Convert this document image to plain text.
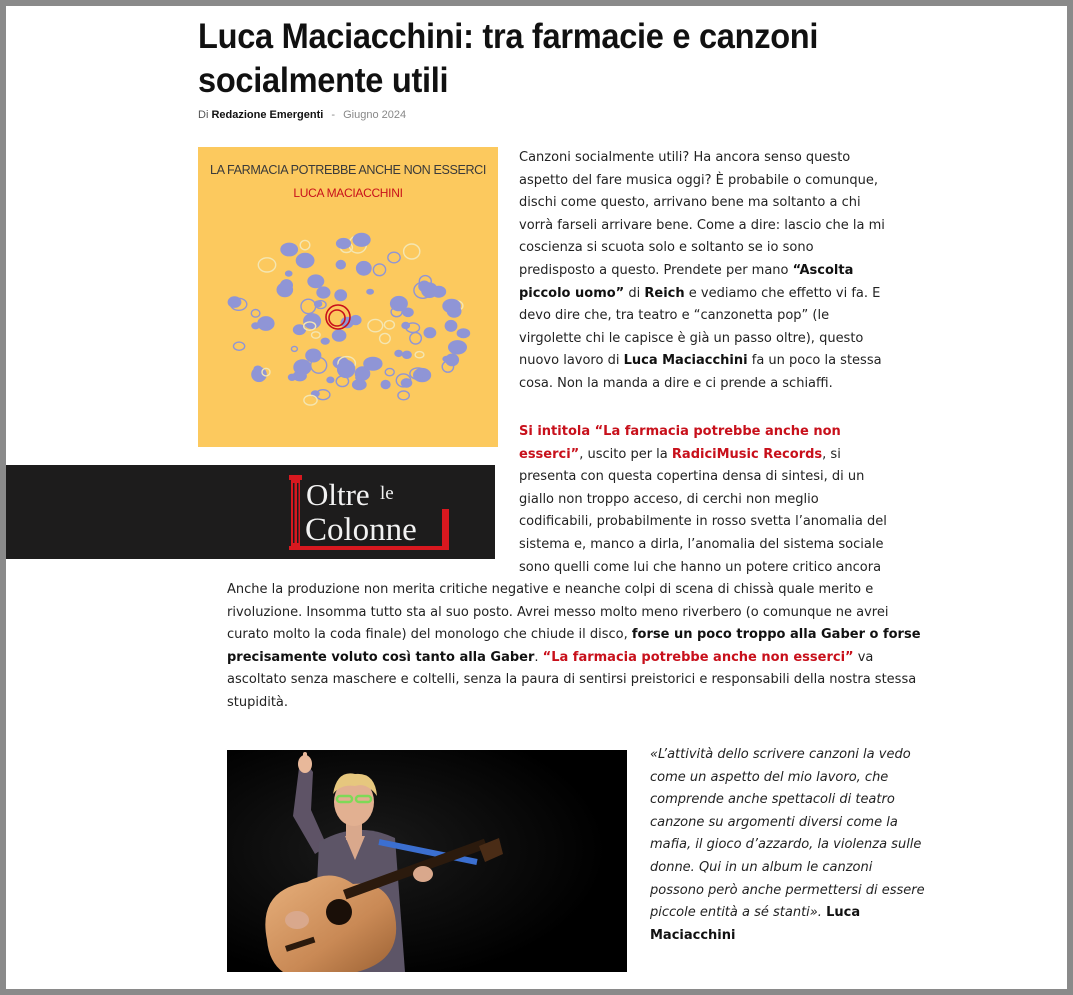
Luca Maciacchini: tra farmacie e canzoni socialmente utili
Di Redazione Emergenti - Giugno 2024
LA FARMACIA POTREBBE ANCHE NON ESSERCI
LUCA MACIACCHINI
Oltre le
Colonne

Canzoni socialmente utili? Ha ancora senso questo aspetto del fare musica oggi? È probabile o comunque, dischi come questo, arrivano bene ma soltanto a chi vorrà farseli arrivare bene. Come a dire: lascio che la mi coscienza si scuota solo e soltanto se io sono predisposto a questo. Prendete per mano “Ascolta piccolo uomo” di Reich e vediamo che effetto vi fa. E devo dire che, tra teatro e “canzonetta pop” (le virgolette chi le capisce è già un passo oltre), questo nuovo lavoro di Luca Maciacchini fa un poco la stessa cosa. Non la manda a dire e ci prende a schiaffi.

Si intitola “La farmacia potrebbe anche non esserci”, uscito per la RadiciMusic Records, si presenta con questa copertina densa di sintesi, di un giallo non troppo acceso, di cerchi non meglio codificabili, probabilmente in rosso svetta l’anomalia del sistema e, manco a dirla, l’anomalia del sistema sociale sono quelli come lui che hanno un potere critico ancora

Anche la produzione non merita critiche negative e neanche colpi di scena di chissà quale merito e rivoluzione. Insomma tutto sta al suo posto. Avrei messo molto meno riverbero (o comunque ne avrei curato molto la coda finale) del monologo che chiude il disco, forse un poco troppo alla Gaber o forse precisamente voluto così tanto alla Gaber. “La farmacia potrebbe anche non esserci” va ascoltato senza maschere e coltelli, senza la paura di sentirsi preistorici e responsabili della nostra stessa stupidità.

«L’attività dello scrivere canzoni la vedo come un aspetto del mio lavoro, che comprende anche spettacoli di teatro canzone su argomenti diversi come la mafia, il gioco d’azzardo, la violenza sulle donne. Qui in un album le canzoni possono però anche permettersi di essere piccole entità a sé stanti». Luca Maciacchini
